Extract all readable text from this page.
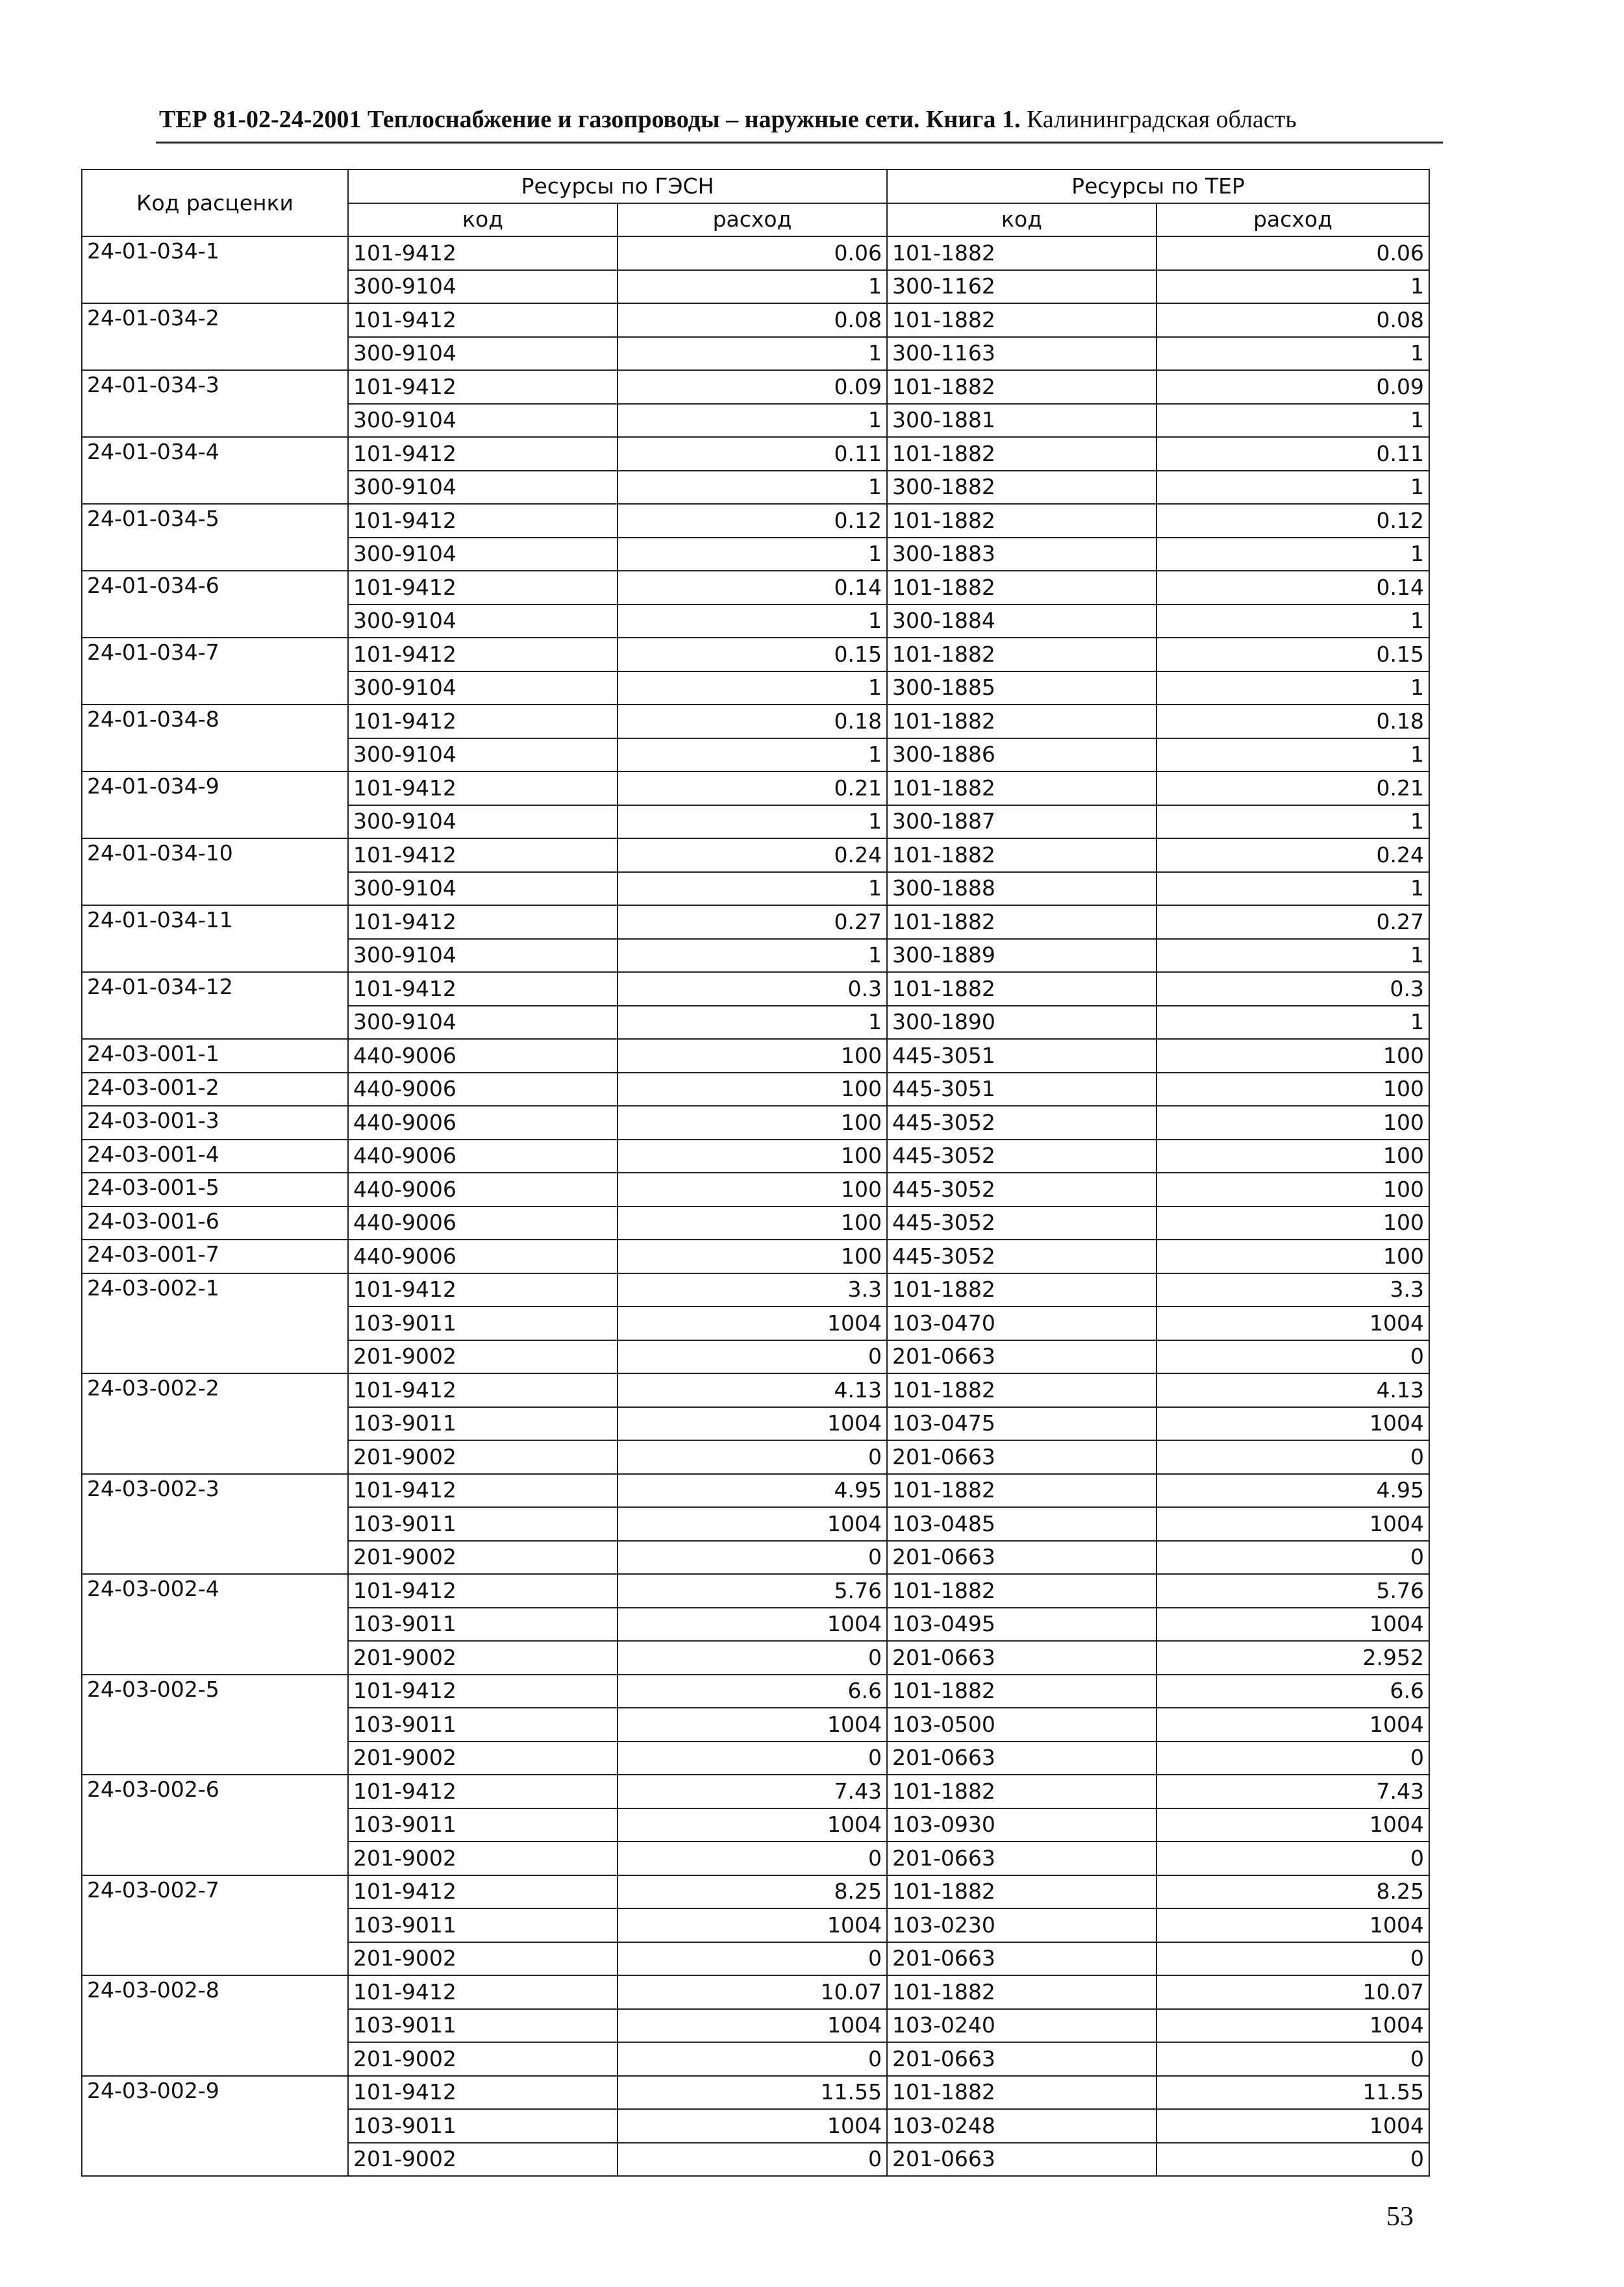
ТЕР 81-02-24-2001 Теплоснабжение и газопроводы – наружные сети. Книга 1. Калининградская область
Код расценки	Ресурсы по ГЭСН		Ресурсы по ТЕР	
	код	расход	код	расход
24-01-034-1	101-9412	0.06	101-1882	0.06
	300-9104	1	300-1162	1
24-01-034-2	101-9412	0.08	101-1882	0.08
	300-9104	1	300-1163	1
24-01-034-3	101-9412	0.09	101-1882	0.09
	300-9104	1	300-1881	1
24-01-034-4	101-9412	0.11	101-1882	0.11
	300-9104	1	300-1882	1
24-01-034-5	101-9412	0.12	101-1882	0.12
	300-9104	1	300-1883	1
24-01-034-6	101-9412	0.14	101-1882	0.14
	300-9104	1	300-1884	1
24-01-034-7	101-9412	0.15	101-1882	0.15
	300-9104	1	300-1885	1
24-01-034-8	101-9412	0.18	101-1882	0.18
	300-9104	1	300-1886	1
24-01-034-9	101-9412	0.21	101-1882	0.21
	300-9104	1	300-1887	1
24-01-034-10	101-9412	0.24	101-1882	0.24
	300-9104	1	300-1888	1
24-01-034-11	101-9412	0.27	101-1882	0.27
	300-9104	1	300-1889	1
24-01-034-12	101-9412	0.3	101-1882	0.3
	300-9104	1	300-1890	1
24-03-001-1	440-9006	100	445-3051	100
24-03-001-2	440-9006	100	445-3051	100
24-03-001-3	440-9006	100	445-3052	100
24-03-001-4	440-9006	100	445-3052	100
24-03-001-5	440-9006	100	445-3052	100
24-03-001-6	440-9006	100	445-3052	100
24-03-001-7	440-9006	100	445-3052	100
24-03-002-1	101-9412	3.3	101-1882	3.3
	103-9011	1004	103-0470	1004
	201-9002	0	201-0663	0
24-03-002-2	101-9412	4.13	101-1882	4.13
	103-9011	1004	103-0475	1004
	201-9002	0	201-0663	0
24-03-002-3	101-9412	4.95	101-1882	4.95
	103-9011	1004	103-0485	1004
	201-9002	0	201-0663	0
24-03-002-4	101-9412	5.76	101-1882	5.76
	103-9011	1004	103-0495	1004
	201-9002	0	201-0663	2.952
24-03-002-5	101-9412	6.6	101-1882	6.6
	103-9011	1004	103-0500	1004
	201-9002	0	201-0663	0
24-03-002-6	101-9412	7.43	101-1882	7.43
	103-9011	1004	103-0930	1004
	201-9002	0	201-0663	0
24-03-002-7	101-9412	8.25	101-1882	8.25
	103-9011	1004	103-0230	1004
	201-9002	0	201-0663	0
24-03-002-8	101-9412	10.07	101-1882	10.07
	103-9011	1004	103-0240	1004
	201-9002	0	201-0663	0
24-03-002-9	101-9412	11.55	101-1882	11.55
	103-9011	1004	103-0248	1004
	201-9002	0	201-0663	0
53
